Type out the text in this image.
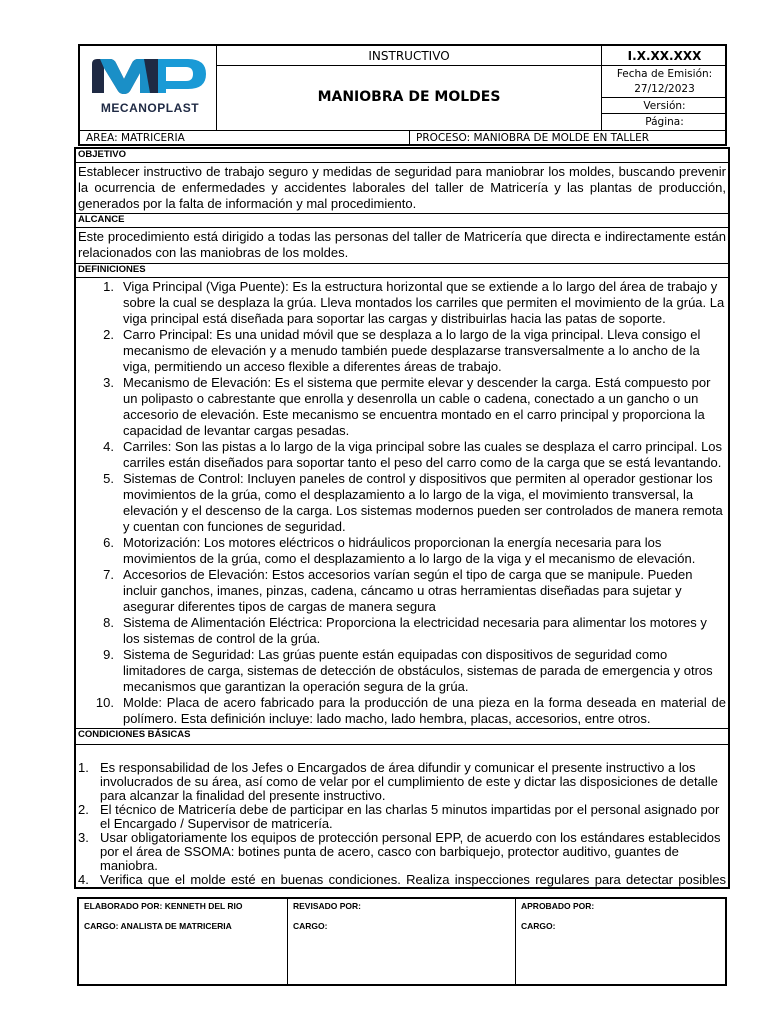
MECANOPLAST
INSTRUCTIVO
MANIOBRA DE MOLDES
I.X.XX.XXX
Fecha de Emisión:
27/12/2023
Versión:
Página:
AREA: MATRICERIA	PROCESO: MANIOBRA DE MOLDE EN TALLER
OBJETIVO
Establecer instructivo de trabajo seguro y medidas de seguridad para maniobrar los moldes, buscando prevenir la ocurrencia de enfermedades y accidentes laborales del taller de Matricería y las plantas de producción, generados por la falta de información y mal procedimiento.
ALCANCE
Este procedimiento está dirigido a todas las personas del taller de Matricería que directa e indirectamente están relacionados con las maniobras de los moldes.
DEFINICIONES
1. Viga Principal (Viga Puente): Es la estructura horizontal que se extiende a lo largo del área de trabajo y sobre la cual se desplaza la grúa. Lleva montados los carriles que permiten el movimiento de la grúa. La viga principal está diseñada para soportar las cargas y distribuirlas hacia las patas de soporte.
2. Carro Principal: Es una unidad móvil que se desplaza a lo largo de la viga principal. Lleva consigo el mecanismo de elevación y a menudo también puede desplazarse transversalmente a lo ancho de la viga, permitiendo un acceso flexible a diferentes áreas de trabajo.
3. Mecanismo de Elevación: Es el sistema que permite elevar y descender la carga. Está compuesto por un polipasto o cabrestante que enrolla y desenrolla un cable o cadena, conectado a un gancho o un accesorio de elevación. Este mecanismo se encuentra montado en el carro principal y proporciona la capacidad de levantar cargas pesadas.
4. Carriles: Son las pistas a lo largo de la viga principal sobre las cuales se desplaza el carro principal. Los carriles están diseñados para soportar tanto el peso del carro como de la carga que se está levantando.
5. Sistemas de Control: Incluyen paneles de control y dispositivos que permiten al operador gestionar los movimientos de la grúa, como el desplazamiento a lo largo de la viga, el movimiento transversal, la elevación y el descenso de la carga. Los sistemas modernos pueden ser controlados de manera remota y cuentan con funciones de seguridad.
6. Motorización: Los motores eléctricos o hidráulicos proporcionan la energía necesaria para los movimientos de la grúa, como el desplazamiento a lo largo de la viga y el mecanismo de elevación.
7. Accesorios de Elevación: Estos accesorios varían según el tipo de carga que se manipule. Pueden incluir ganchos, imanes, pinzas, cadena, cáncamo u otras herramientas diseñadas para sujetar y asegurar diferentes tipos de cargas de manera segura
8. Sistema de Alimentación Eléctrica: Proporciona la electricidad necesaria para alimentar los motores y los sistemas de control de la grúa.
9. Sistema de Seguridad: Las grúas puente están equipadas con dispositivos de seguridad como limitadores de carga, sistemas de detección de obstáculos, sistemas de parada de emergencia y otros mecanismos que garantizan la operación segura de la grúa.
10. Molde: Placa de acero fabricado para la producción de una pieza en la forma deseada en material de polímero. Esta definición incluye: lado macho, lado hembra, placas, accesorios, entre otros.
CONDICIONES BÁSICAS
1. Es responsabilidad de los Jefes o Encargados de área difundir y comunicar el presente instructivo a los involucrados de su área, así como de velar por el cumplimiento de este y dictar las disposiciones de detalle para alcanzar la finalidad del presente instructivo.
2. El técnico de Matricería debe de participar en las charlas 5 minutos impartidas por el personal asignado por el Encargado / Supervisor de matricería.
3. Usar obligatoriamente los equipos de protección personal EPP, de acuerdo con los estándares establecidos por el área de SSOMA: botines punta de acero, casco con barbiquejo, protector auditivo, guantes de maniobra.
4. Verifica que el molde esté en buenas condiciones. Realiza inspecciones regulares para detectar posibles
ELABORADO POR: KENNETH DEL RIO
CARGO: ANALISTA DE MATRICERIA
REVISADO POR:
CARGO:
APROBADO POR:
CARGO:
